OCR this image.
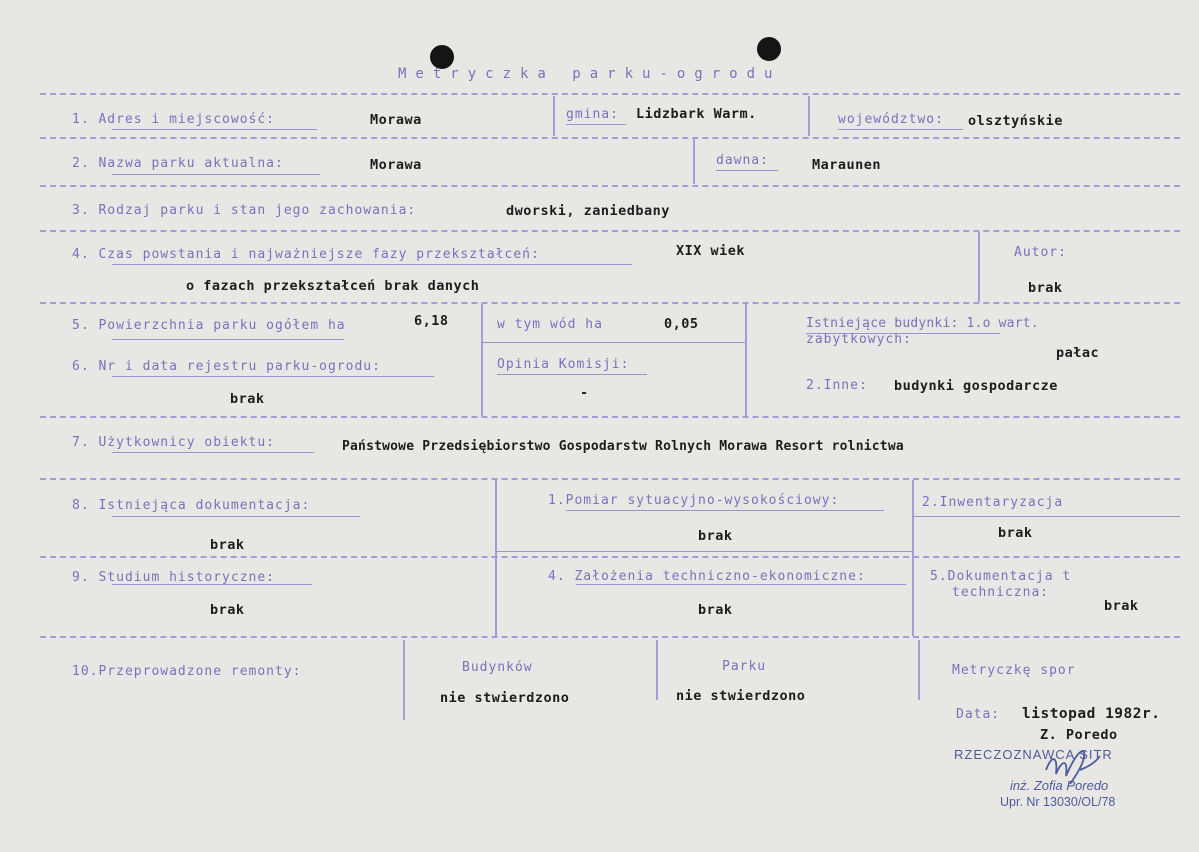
Metryczka parku-ogrodu
1. Adres i miejscowość:	Morawa	gmina: Lidzbark Warm.	województwo: olsztyńskie
2. Nazwa parku aktualna:	Morawa	dawna:	Maraunen
3. Rodzaj parku i stan jego zachowania:	dworski, zaniedbany
4. Czas powstania i najważniejsze fazy przekształceń:	XIX wiek
o fazach przekształceń brak danych
Autor:
brak
5. Powierzchnia parku ogółem ha	6,18	w tym wód ha	0,05	Istniejące budynki: 1.o wart.
zabytkowych:
pałac
6. Nr i data rejestru parku-ogrodu:
brak
Opinia Komisji:
-	2.Inne: budynki gospodarcze
7. Użytkownicy obiektu:	Państwowe Przedsiębiorstwo Gospodarstw Rolnych Morawa Resort rolnictwa
8. Istniejąca dokumentacja:
brak
1.Pomiar sytuacyjno-wysokościowy:
brak
2.Inwentaryzacja
brak
9. Studium historyczne:
brak
4. Założenia techniczno-ekonomiczne:
brak
5.Dokumentacja t
techniczna:
brak
10.Przeprowadzone remonty:	Budynków
nie stwierdzono
Parku
nie stwierdzono
Metryczkę spor
Data: listopad 1982r.
Z. Poredo
RZECZOZNAWCA SITR
inż. Zofia Poredo
Upr. Nr 13030/OL/78
